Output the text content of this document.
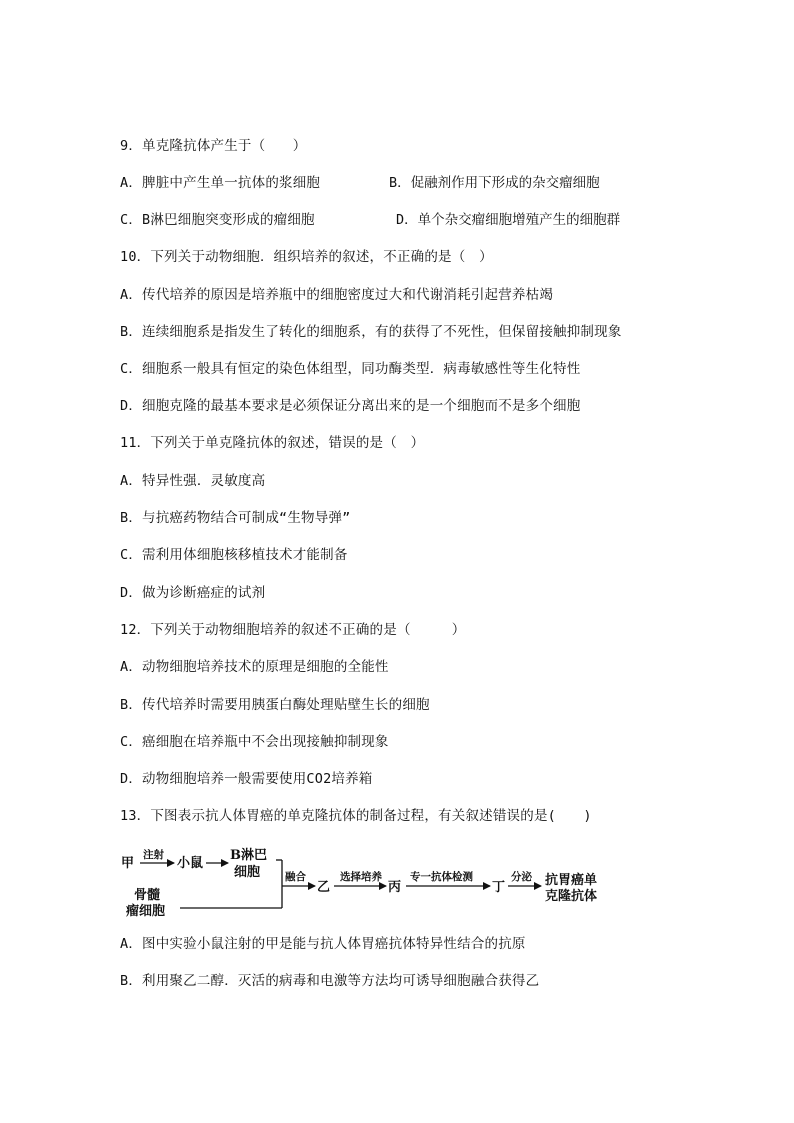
9．单克隆抗体产生于（　　）
A．脾脏中产生单一抗体的浆细胞	B．促融剂作用下形成的杂交瘤细胞
C．B淋巴细胞突变形成的瘤细胞	D．单个杂交瘤细胞增殖产生的细胞群
10．下列关于动物细胞．组织培养的叙述，不正确的是（　）
A．传代培养的原因是培养瓶中的细胞密度过大和代谢消耗引起营养枯竭
B．连续细胞系是指发生了转化的细胞系，有的获得了不死性，但保留接触抑制现象
C．细胞系一般具有恒定的染色体组型，同功酶类型．病毒敏感性等生化特性
D．细胞克隆的最基本要求是必须保证分离出来的是一个细胞而不是多个细胞
11．下列关于单克隆抗体的叙述，错误的是（　）
A．特异性强．灵敏度高
B．与抗癌药物结合可制成“生物导弹”
C．需利用体细胞核移植技术才能制备
D．做为诊断癌症的试剂
12．下列关于动物细胞培养的叙述不正确的是（　　　）
A．动物细胞培养技术的原理是细胞的全能性
B．传代培养时需要用胰蛋白酶处理贴壁生长的细胞
C．癌细胞在培养瓶中不会出现接触抑制现象
D．动物细胞培养一般需要使用CO2培养箱
13．下图表示抗人体胃癌的单克隆抗体的制备过程，有关叙述错误的是(　　)
甲
注射
小鼠
B淋巴
细胞 融合
骨髓
瘤细胞
乙
选择培养
丙
专一抗体检测
丁
分泌 抗胃癌单
克隆抗体
A．图中实验小鼠注射的甲是能与抗人体胃癌抗体特异性结合的抗原
B．利用聚乙二醇．灭活的病毒和电激等方法均可诱导细胞融合获得乙
